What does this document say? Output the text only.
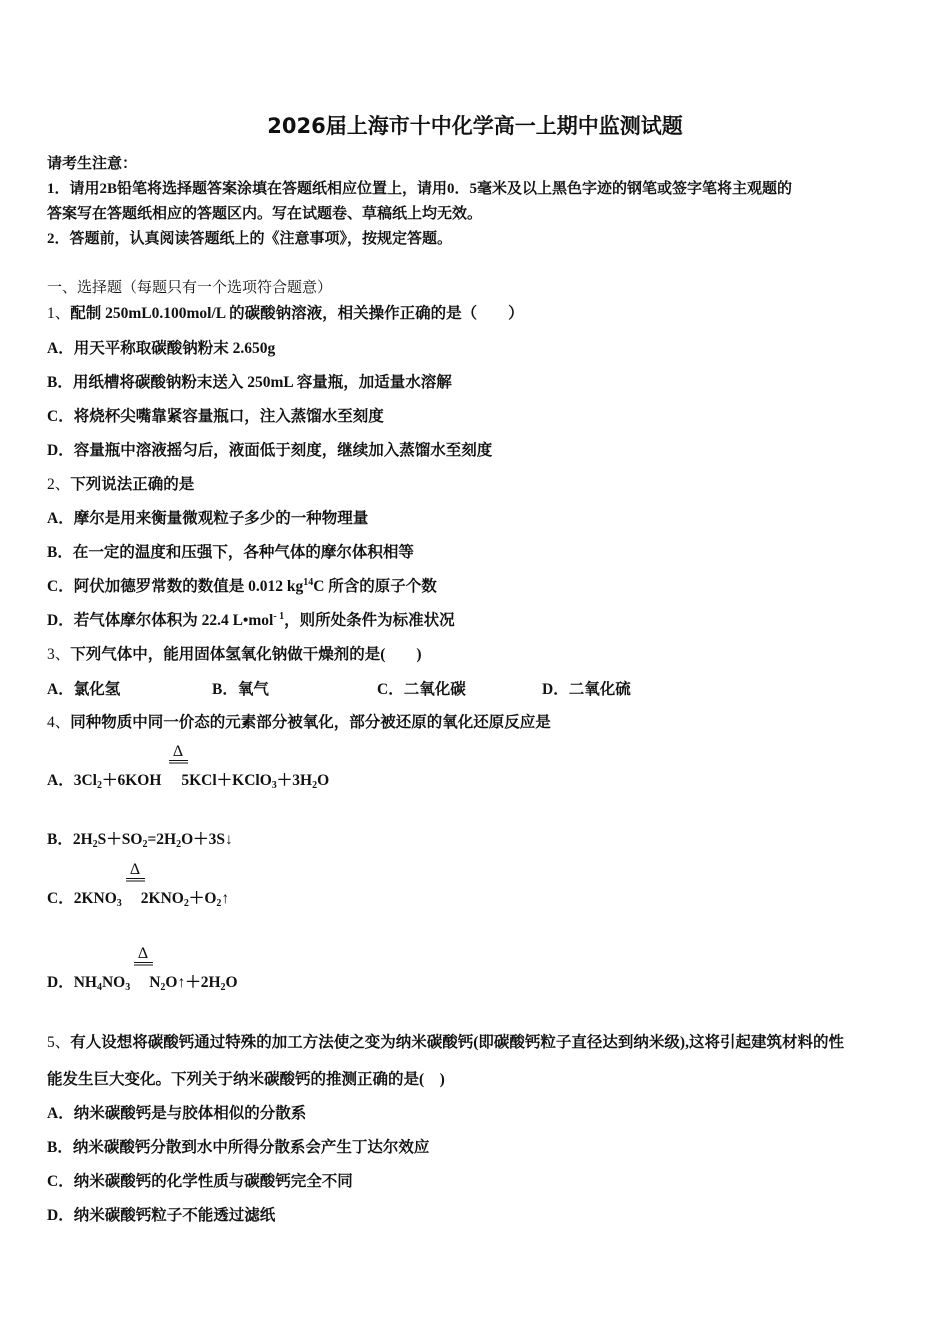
2026届上海市十中化学高一上期中监测试题
请考生注意：
1．请用2B铅笔将选择题答案涂填在答题纸相应位置上，请用0．5毫米及以上黑色字迹的钢笔或签字笔将主观题的
答案写在答题纸相应的答题区内。写在试题卷、草稿纸上均无效。
2．答题前，认真阅读答题纸上的《注意事项》，按规定答题。
一、选择题（每题只有一个选项符合题意）
1、配制 250mL0.100mol/L 的碳酸钠溶液，相关操作正确的是（　　）
A．用天平称取碳酸钠粉末 2.650g
B．用纸槽将碳酸钠粉末送入 250mL 容量瓶，加适量水溶解
C．将烧杯尖嘴靠紧容量瓶口，注入蒸馏水至刻度
D．容量瓶中溶液摇匀后，液面低于刻度，继续加入蒸馏水至刻度
2、下列说法正确的是
A．摩尔是用来衡量微观粒子多少的一种物理量
B．在一定的温度和压强下，各种气体的摩尔体积相等
C．阿伏加德罗常数的数值是 0.012 $kg^{14}C$ 所含的原子个数
D．若气体摩尔体积为 22.4 L•mol$^{- 1}$，则所处条件为标准状况
3、下列气体中，能用固体氢氧化钠做干燥剂的是(　　)
A．氯化氢	B．氧气	C．二氧化碳	D．二氧化硫
4、同种物质中同一价态的元素部分被氧化，部分被还原的氧化还原反应是
Δ
══
A．$3Cl_2+6KOH$ $5KCl+KClO_3+3H_2O$
B．$2H_2S+SO_2=2H_2O+3S↓$
Δ
══
C．$2KNO_3$ $2KNO_2+O_2↑$
Δ
══
D．$NH_4NO_3$ $N_2O↑+2H_2O$
5、有人设想将碳酸钙通过特殊的加工方法使之变为纳米碳酸钙(即碳酸钙粒子直径达到纳米级),这将引起建筑材料的性
能发生巨大变化。下列关于纳米碳酸钙的推测正确的是(　)
A．纳米碳酸钙是与胶体相似的分散系
B．纳米碳酸钙分散到水中所得分散系会产生丁达尔效应
C．纳米碳酸钙的化学性质与碳酸钙完全不同
D．纳米碳酸钙粒子不能透过滤纸
